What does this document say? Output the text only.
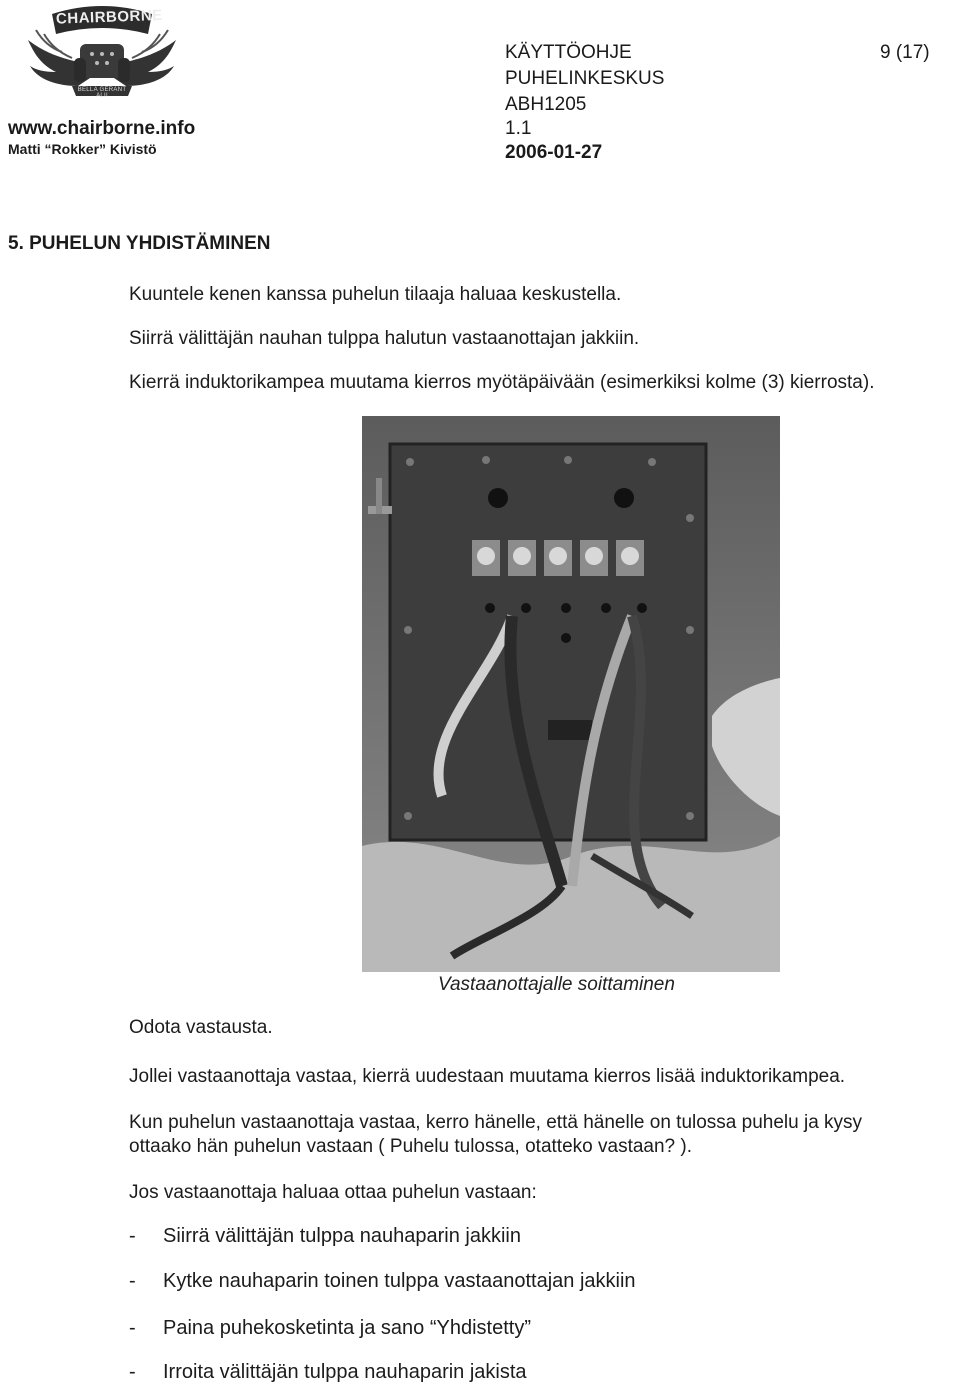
CHAIRBORNE
BELLA GERANT ALII
www.chairborne.info
Matti “Rokker” Kivistö
KÄYTTÖOHJE
PUHELINKESKUS
ABH1205
1.1
2006-01-27
9 (17)
5. PUHELUN YHDISTÄMINEN
Kuuntele kenen kanssa puhelun tilaaja haluaa keskustella.
Siirrä välittäjän nauhan tulppa halutun vastaanottajan jakkiin.
Kierrä induktorikampea muutama kierros myötäpäivään (esimerkiksi kolme (3) kierrosta).
Vastaanottajalle soittaminen
Odota vastausta.
Jollei vastaanottaja vastaa, kierrä uudestaan muutama kierros lisää induktorikampea.
Kun puhelun vastaanottaja vastaa, kerro hänelle, että hänelle on tulossa puhelu ja kysy
ottaako hän puhelun vastaan ( Puhelu tulossa, otatteko vastaan? ).
Jos vastaanottaja haluaa ottaa puhelun vastaan:
- Siirrä välittäjän tulppa nauhaparin jakkiin
- Kytke nauhaparin toinen tulppa vastaanottajan jakkiin
- Paina puhekosketinta ja sano “Yhdistetty”
- Irroita välittäjän tulppa nauhaparin jakista
